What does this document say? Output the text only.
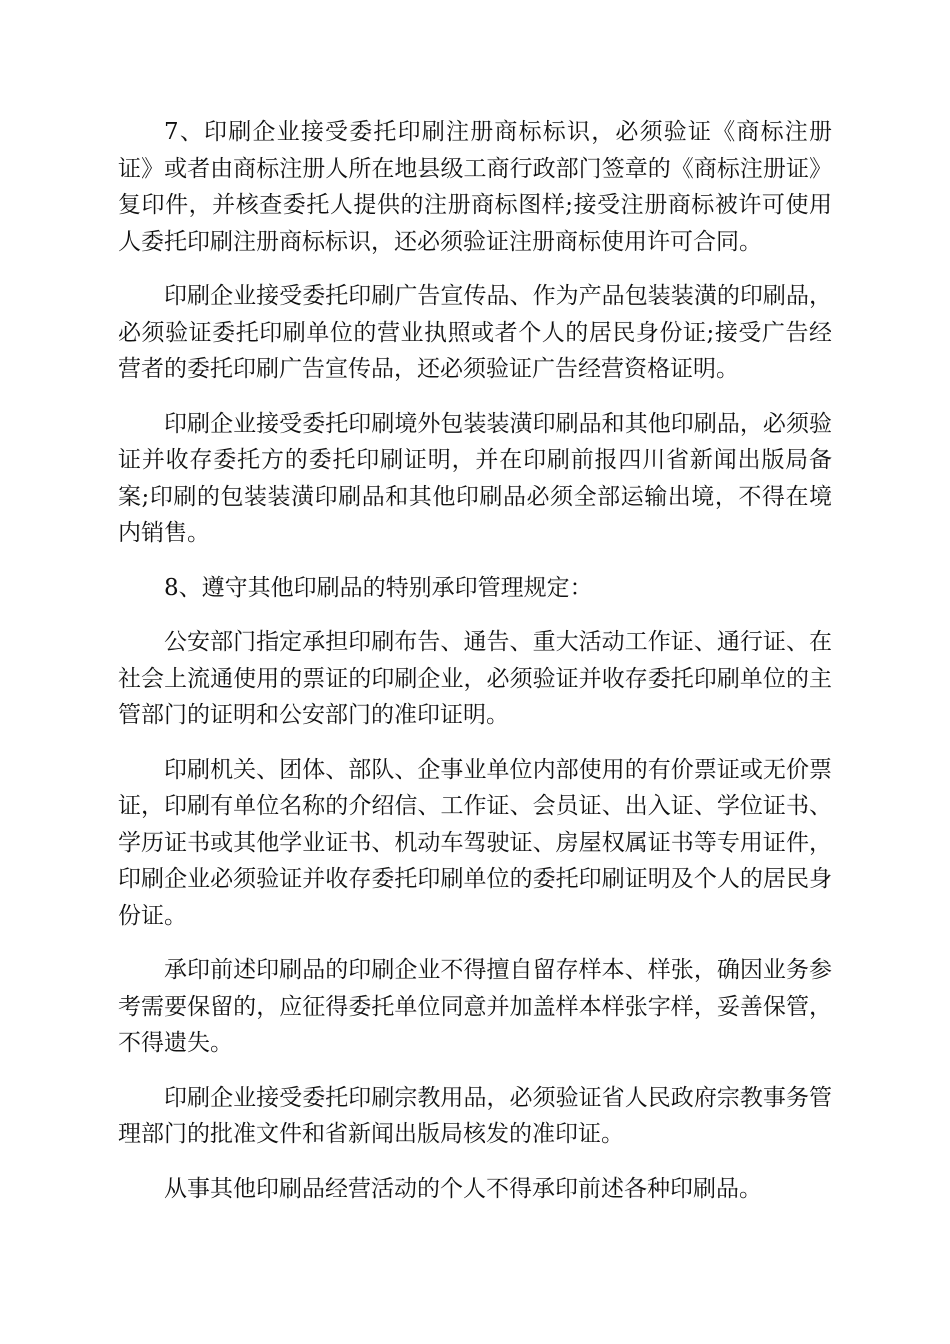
7、印刷企业接受委托印刷注册商标标识，必须验证《商标注册证》或者由商标注册人所在地县级工商行政部门签章的《商标注册证》复印件，并核查委托人提供的注册商标图样;接受注册商标被许可使用人委托印刷注册商标标识，还必须验证注册商标使用许可合同。

印刷企业接受委托印刷广告宣传品、作为产品包装装潢的印刷品，必须验证委托印刷单位的营业执照或者个人的居民身份证;接受广告经营者的委托印刷广告宣传品，还必须验证广告经营资格证明。

印刷企业接受委托印刷境外包装装潢印刷品和其他印刷品，必须验证并收存委托方的委托印刷证明，并在印刷前报四川省新闻出版局备案;印刷的包装装潢印刷品和其他印刷品必须全部运输出境，不得在境内销售。

8、遵守其他印刷品的特别承印管理规定：

公安部门指定承担印刷布告、通告、重大活动工作证、通行证、在社会上流通使用的票证的印刷企业，必须验证并收存委托印刷单位的主管部门的证明和公安部门的准印证明。

印刷机关、团体、部队、企事业单位内部使用的有价票证或无价票证，印刷有单位名称的介绍信、工作证、会员证、出入证、学位证书、学历证书或其他学业证书、机动车驾驶证、房屋权属证书等专用证件，印刷企业必须验证并收存委托印刷单位的委托印刷证明及个人的居民身份证。

承印前述印刷品的印刷企业不得擅自留存样本、样张，确因业务参考需要保留的，应征得委托单位同意并加盖样本样张字样，妥善保管，不得遗失。

印刷企业接受委托印刷宗教用品，必须验证省人民政府宗教事务管理部门的批准文件和省新闻出版局核发的准印证。

从事其他印刷品经营活动的个人不得承印前述各种印刷品。
